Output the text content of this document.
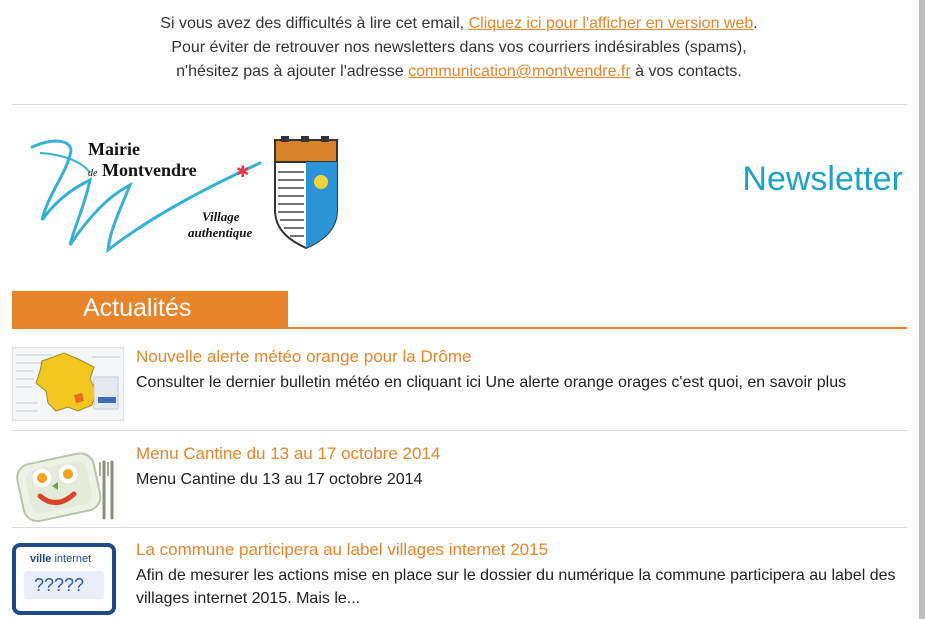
Si vous avez des difficultés à lire cet email, Cliquez ici pour l'afficher en version web.
Pour éviter de retrouver nos newsletters dans vos courriers indésirables (spams),
n'hésitez pas à ajouter l'adresse communication@montvendre.fr à vos contacts.
Mairie
de Montvendre ✱
Village
authentique
Newsletter
Actualités
Nouvelle alerte météo orange pour la Drôme
Consulter le dernier bulletin météo en cliquant ici Une alerte orange orages c'est quoi, en savoir plus
Menu Cantine du 13 au 17 octobre 2014
Menu Cantine du 13 au 17 octobre 2014
ville internet
?????
La commune participera au label villages internet 2015
Afin de mesurer les actions mise en place sur le dossier du numérique la commune participera au label des villages internet 2015. Mais le...
